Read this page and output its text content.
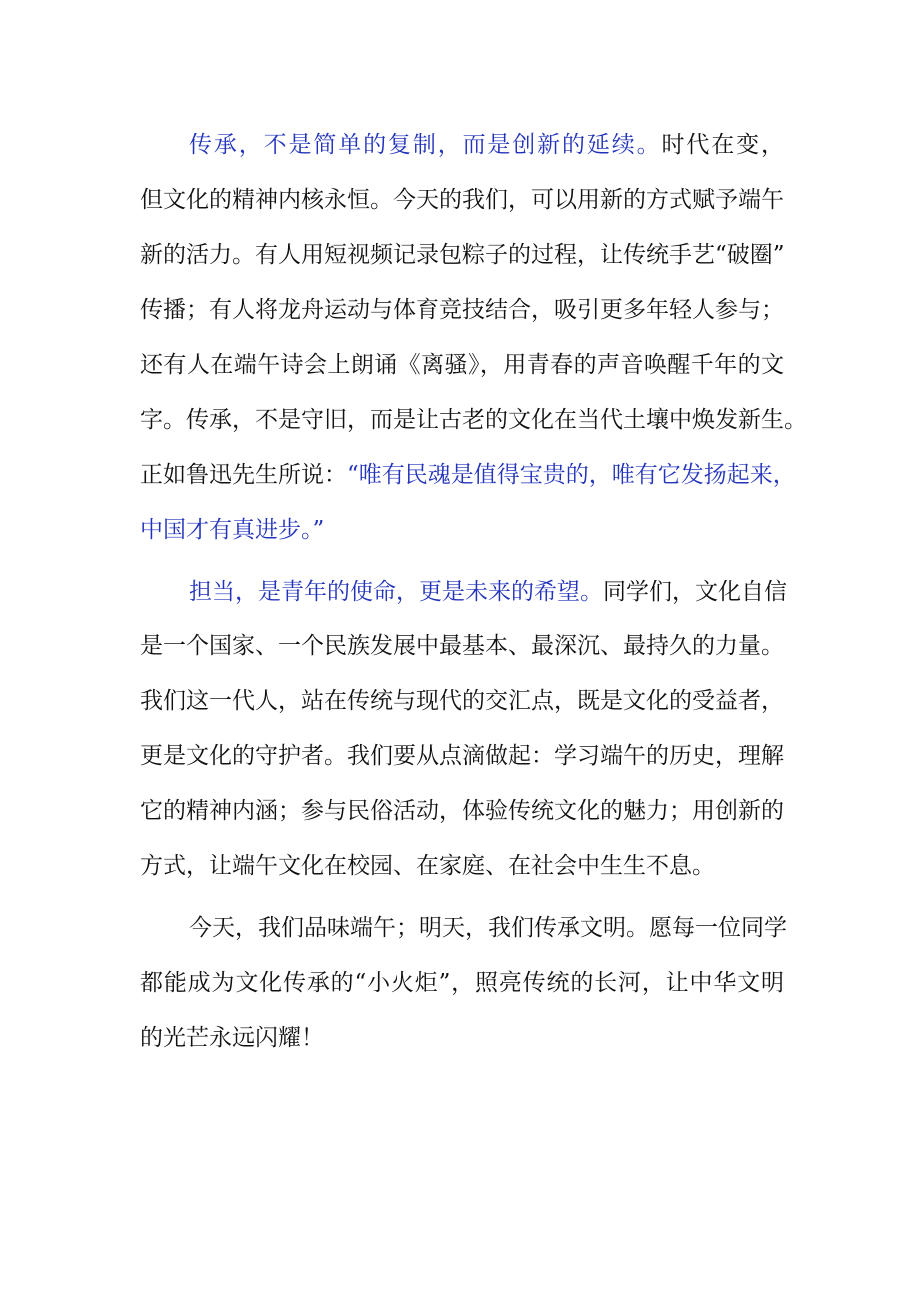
传承，不是简单的复制，而是创新的延续。时代在变，
但文化的精神内核永恒。今天的我们，可以用新的方式赋予端午
新的活力。有人用短视频记录包粽子的过程，让传统手艺“破圈”
传播；有人将龙舟运动与体育竞技结合，吸引更多年轻人参与；
还有人在端午诗会上朗诵《离骚》，用青春的声音唤醒千年的文
字。传承，不是守旧，而是让古老的文化在当代土壤中焕发新生。
正如鲁迅先生所说：“唯有民魂是值得宝贵的，唯有它发扬起来，
中国才有真进步。”
担当，是青年的使命，更是未来的希望。同学们，文化自信
是一个国家、一个民族发展中最基本、最深沉、最持久的力量。
我们这一代人，站在传统与现代的交汇点，既是文化的受益者，
更是文化的守护者。我们要从点滴做起：学习端午的历史，理解
它的精神内涵；参与民俗活动，体验传统文化的魅力；用创新的
方式，让端午文化在校园、在家庭、在社会中生生不息。
今天，我们品味端午；明天，我们传承文明。愿每一位同学
都能成为文化传承的“小火炬”，照亮传统的长河，让中华文明
的光芒永远闪耀！
